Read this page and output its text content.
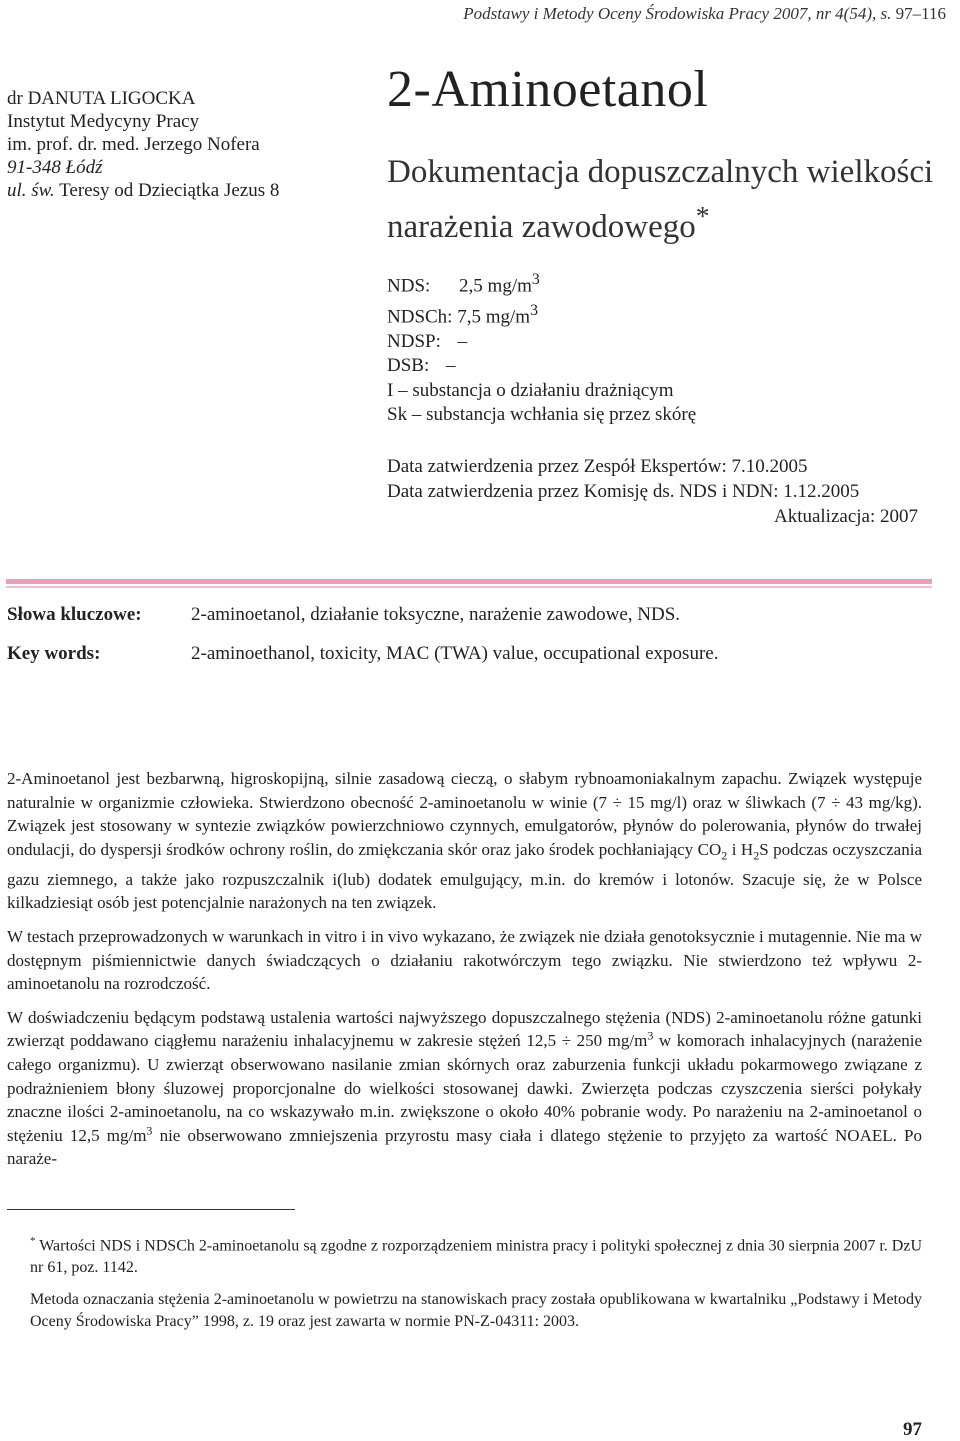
Podstawy i Metody Oceny Środowiska Pracy 2007, nr 4(54), s. 97–116
dr DANUTA LIGOCKA
Instytut Medycyny Pracy
im. prof. dr. med. Jerzego Nofera
91-348 Łódź
ul. św. Teresy od Dzieciątka Jezus 8
2-Aminoetanol
Dokumentacja dopuszczalnych wielkości narażenia zawodowego*
NDS: 2,5 $mg/m^3$
NDSCh: 7,5 $mg/m^3$
NDSP: –
DSB: –
I – substancja o działaniu drażniącym
Sk – substancja wchłania się przez skórę
Data zatwierdzenia przez Zespół Ekspertów: 7.10.2005
Data zatwierdzenia przez Komisję ds. NDS i NDN: 1.12.2005
Aktualizacja: 2007
Słowa kluczowe:	2-aminoetanol, działanie toksyczne, narażenie zawodowe, NDS.
Key words:	2-aminoethanol, toxicity, MAC (TWA) value, occupational exposure.

2-Aminoetanol jest bezbarwną, higroskopijną, silnie zasadową cieczą, o słabym rybnoamoniakalnym zapachu. Związek występuje naturalnie w organizmie człowieka. Stwierdzono obecność 2-aminoetanolu w winie (7 ÷ 15 mg/l) oraz w śliwkach (7 ÷ 43 mg/kg). Związek jest stosowany w syntezie związków powierzchniowo czynnych, emulgatorów, płynów do polerowania, płynów do trwałej ondulacji, do dyspersji środków ochrony roślin, do zmiękczania skór oraz jako środek pochłaniający $CO_2$ i $H_2S$ podczas oczyszczania gazu ziemnego, a także jako rozpuszczalnik i(lub) dodatek emulgujący, m.in. do kremów i lotonów. Szacuje się, że w Polsce kilkadziesiąt osób jest potencjalnie narażonych na ten związek.

W testach przeprowadzonych w warunkach in vitro i in vivo wykazano, że związek nie działa genotoksycznie i mutagennie. Nie ma w dostępnym piśmiennictwie danych świadczących o działaniu rakotwórczym tego związku. Nie stwierdzono też wpływu 2-aminoetanolu na rozrodczość.

W doświadczeniu będącym podstawą ustalenia wartości najwyższego dopuszczalnego stężenia (NDS) 2-aminoetanolu różne gatunki zwierząt poddawano ciągłemu narażeniu inhalacyjnemu w zakresie stężeń 12,5 ÷ 250 $mg/m^3$ w komorach inhalacyjnych (narażenie całego organizmu). U zwierząt obserwowano nasilanie zmian skórnych oraz zaburzenia funkcji układu pokarmowego związane z podrażnieniem błony śluzowej proporcjonalne do wielkości stosowanej dawki. Zwierzęta podczas czyszczenia sierści połykały znaczne ilości 2-aminoetanolu, na co wskazywało m.in. zwiększone o około 40% pobranie wody. Po narażeniu na 2-aminoetanol o stężeniu 12,5 $mg/m^3$ nie obserwowano zmniejszenia przyrostu masy ciała i dlatego stężenie to przyjęto za wartość NOAEL. Po naraże-

* Wartości NDS i NDSCh 2-aminoetanolu są zgodne z rozporządzeniem ministra pracy i polityki społecznej z dnia 30 sierpnia 2007 r. DzU nr 61, poz. 1142.

Metoda oznaczania stężenia 2-aminoetanolu w powietrzu na stanowiskach pracy została opublikowana w kwartalniku „Podstawy i Metody Oceny Środowiska Pracy” 1998, z. 19 oraz jest zawarta w normie PN-Z-04311: 2003.

97
